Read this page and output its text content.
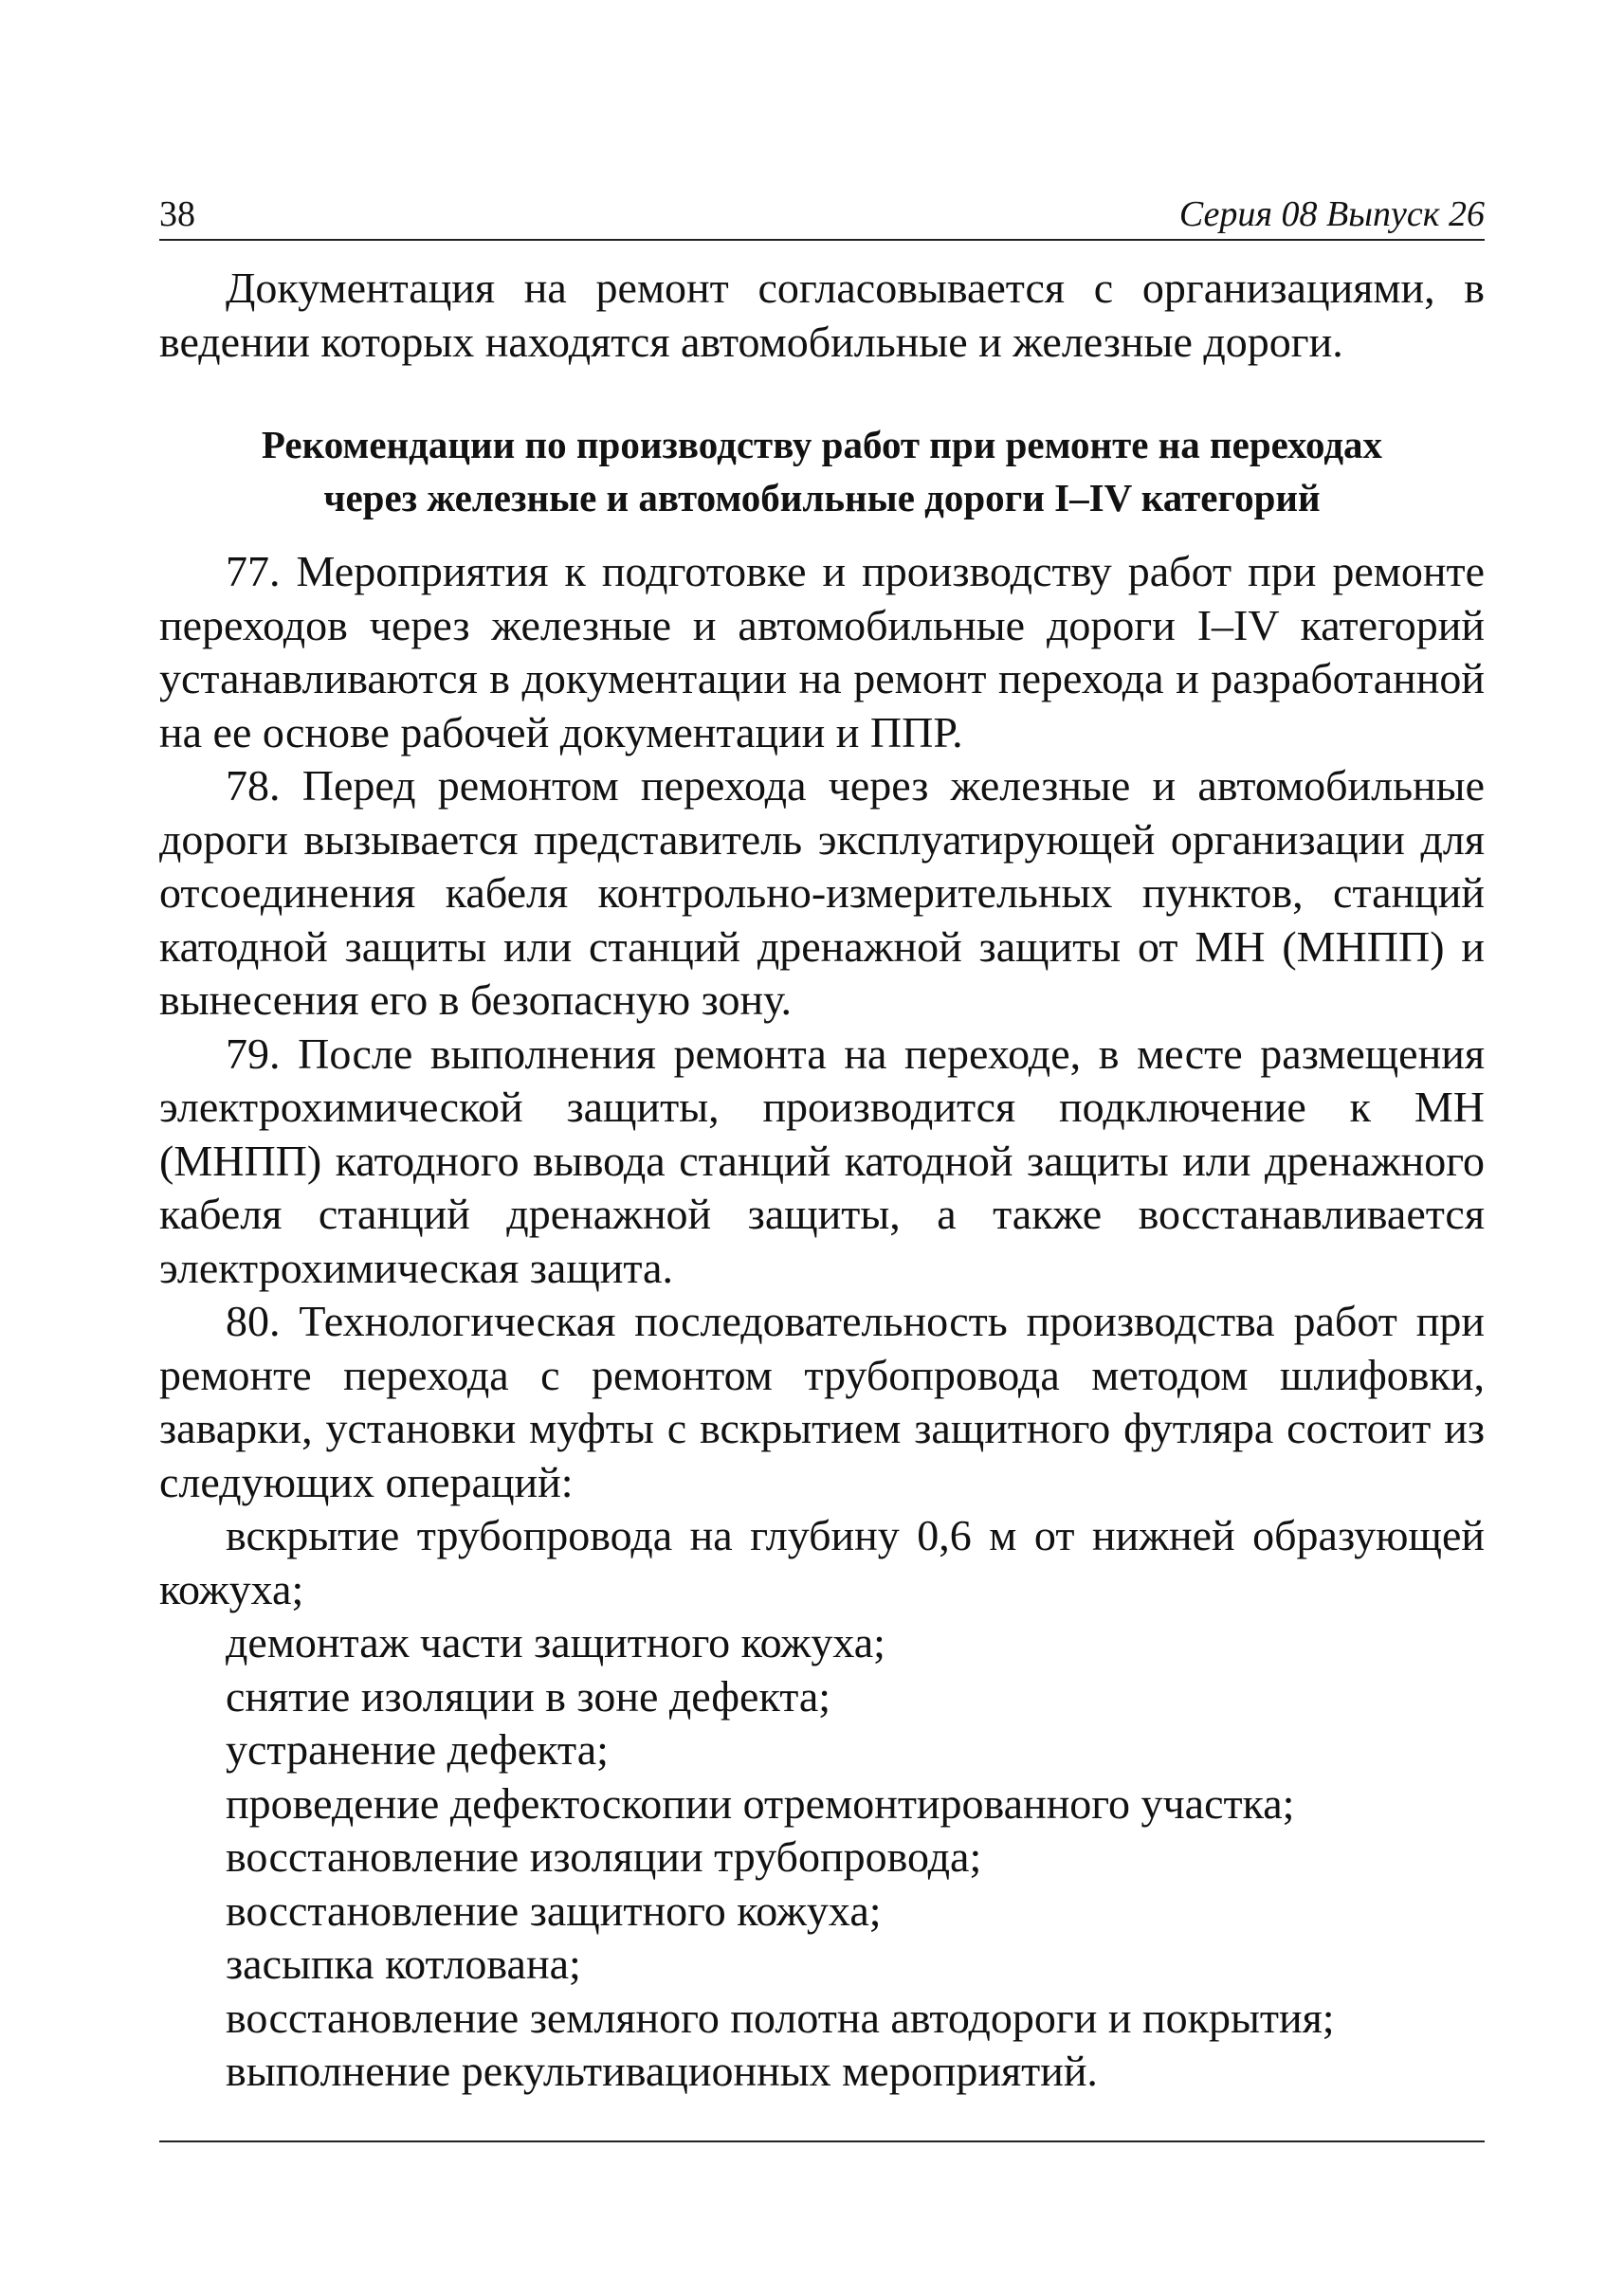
38	Серия 08 Выпуск 26

Документация на ремонт согласовывается с организациями, в ведении которых находятся автомобильные и железные дороги.

Рекомендации по производству работ при ремонте на переходах
через железные и автомобильные дороги I–IV категорий

77. Мероприятия к подготовке и производству работ при ремонте переходов через железные и автомобильные дороги I–IV категорий устанавливаются в документации на ремонт перехода и разработанной на ее основе рабочей документации и ППР.

78. Перед ремонтом перехода через железные и автомобильные дороги вызывается представитель эксплуатирующей организации для отсоединения кабеля контрольно-измерительных пунктов, станций катодной защиты или станций дренажной защиты от МН (МНПП) и вынесения его в безопасную зону.

79. После выполнения ремонта на переходе, в месте размещения электрохимической защиты, производится подключение к МН (МНПП) катодного вывода станций катодной защиты или дренажного кабеля станций дренажной защиты, а также восстанавливается электрохимическая защита.

80. Технологическая последовательность производства работ при ремонте перехода с ремонтом трубопровода методом шлифовки, заварки, установки муфты с вскрытием защитного футляра состоит из следующих операций:

вскрытие трубопровода на глубину 0,6 м от нижней образующей кожуха;
демонтаж части защитного кожуха;
снятие изоляции в зоне дефекта;
устранение дефекта;
проведение дефектоскопии отремонтированного участка;
восстановление изоляции трубопровода;
восстановление защитного кожуха;
засыпка котлована;
восстановление земляного полотна автодороги и покрытия;
выполнение рекультивационных мероприятий.
